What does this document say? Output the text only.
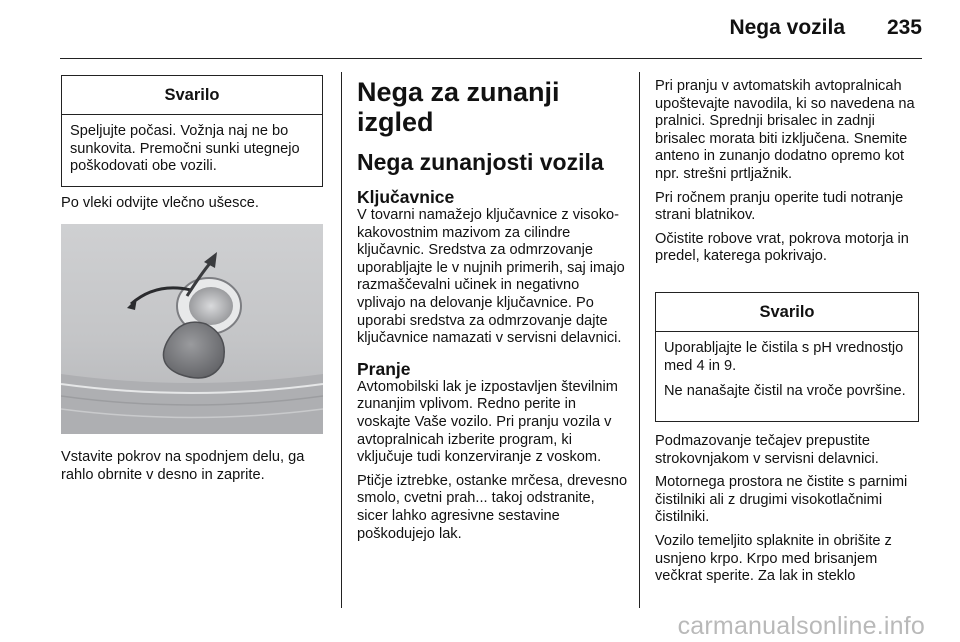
Nega vozila	235
Svarilo

Speljujte počasi. Vožnja naj ne bo sunkovita. Premočni sunki utegnejo poškodovati obe vozili.

Po vleki odvijte vlečno ušesce.

Vstavite pokrov na spodnjem delu, ga rahlo obrnite v desno in zaprite.

Nega za zunanji izgled
Nega zunanjosti vozila
Ključavnice

V tovarni namažejo ključavnice z visoko-kakovostnim mazivom za cilindre ključavnic. Sredstva za odmrzovanje uporabljajte le v nujnih primerih, saj imajo razmaščevalni učinek in negativno vplivajo na delovanje ključavnice. Po uporabi sredstva za odmrzovanje dajte ključavnice namazati v servisni delavnici.

Pranje

Avtomobilski lak je izpostavljen številnim zunanjim vplivom. Redno perite in voskajte Vaše vozilo. Pri pranju vozila v avtopralnicah izberite program, ki vključuje tudi konzerviranje z voskom.

Ptičje iztrebke, ostanke mrčesa, drevesno smolo, cvetni prah... takoj odstranite, sicer lahko agresivne sestavine poškodujejo lak.

Pri pranju v avtomatskih avtopralnicah upoštevajte navodila, ki so navedena na pralnici. Sprednji brisalec in zadnji brisalec morata biti izključena. Snemite anteno in zunanjo dodatno opremo kot npr. strešni prtljažnik.

Pri ročnem pranju operite tudi notranje strani blatnikov.

Očistite robove vrat, pokrova motorja in predel, katerega pokrivajo.

Svarilo

Uporabljajte le čistila s pH vrednostjo med 4 in 9.

Ne nanašajte čistil na vroče površine.

Podmazovanje tečajev prepustite strokovnjakom v servisni delavnici.

Motornega prostora ne čistite s parnimi čistilniki ali z drugimi visokotlačnimi čistilniki.

Vozilo temeljito splaknite in obrišite z usnjeno krpo. Krpo med brisanjem večkrat sperite. Za lak in steklo

carmanualsonline.info
